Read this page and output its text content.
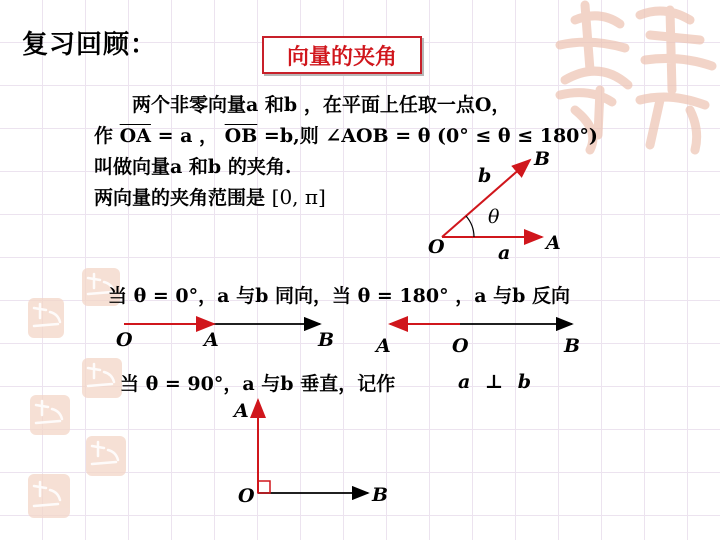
复习回顾：	向量的夹角
两个非零向量a 和b ，在平面上任取一点O，
作 $\overline{OA} = a$ ， $\overline{OB} =b$,则 ∠AOB = θ (0° ≤ θ ≤ 180°)
叫做向量a 和b 的夹角.
两向量的夹角范围是 [0, π]
O	A
B
a
b
θ
当 θ = 0°，a 与b 同向，当 θ = 180° ，a 与b 反向
O	A	B A	O	B
当 θ = 90°，a 与b 垂直，记作	a ⊥ b
A
O	B
